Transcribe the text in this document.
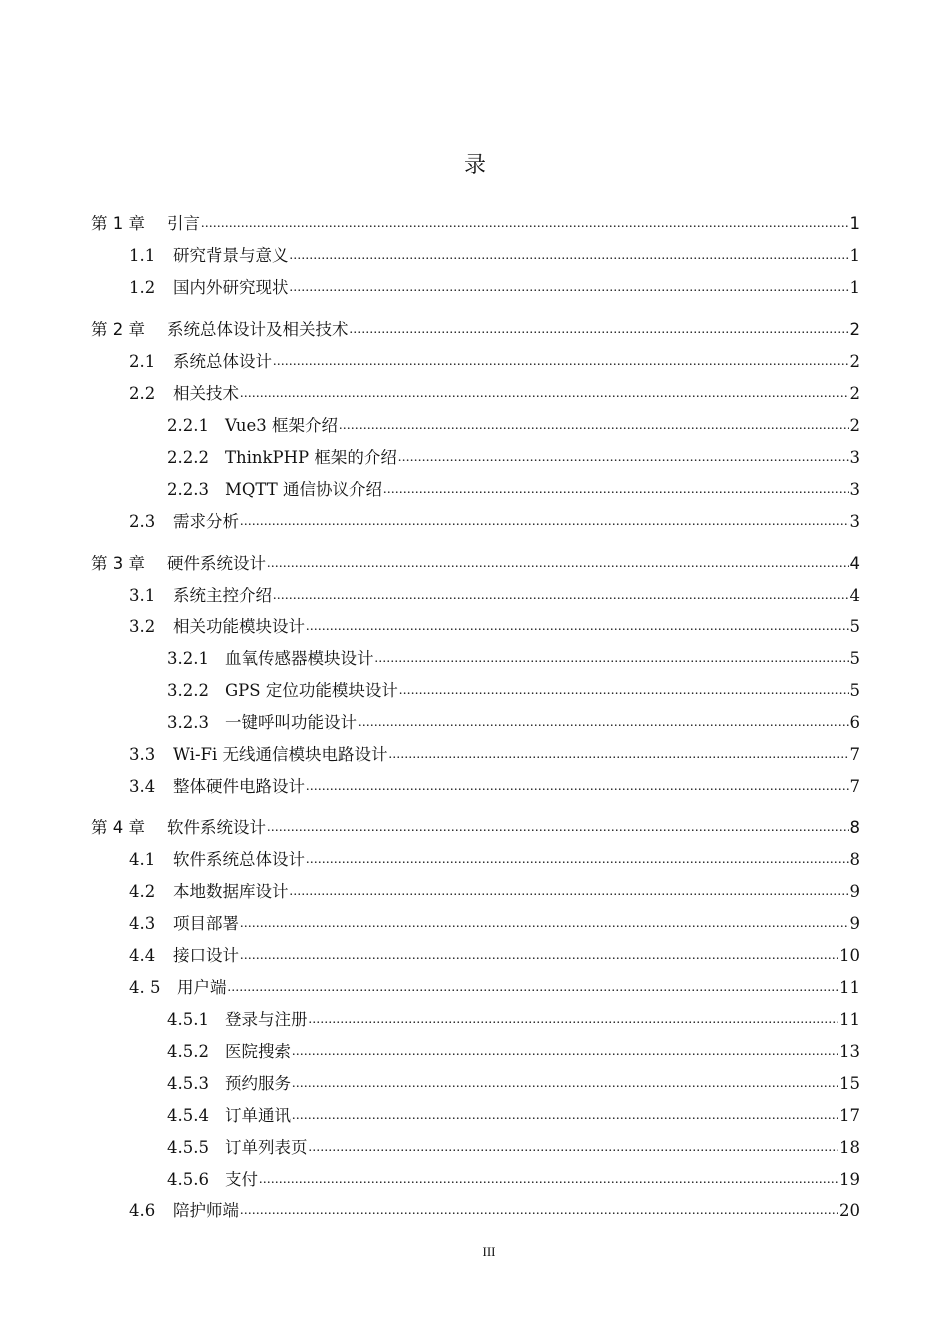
录
第 1 章	引言 .....	1
1.1	研究背景与意义 .....	1
1.2	国内外研究现状 .....	1
第 2 章	系统总体设计及相关技术 .....	2
2.1	系统总体设计 .....	2
2.2	相关技术 .....	2
2.2.1 Vue3 框架介绍 .....	2
2.2.2 ThinkPHP 框架的介绍 .....	3
2.2.3 MQTT 通信协议介绍 .....	3
2.3	需求分析 .....	3
第 3 章	硬件系统设计 .....	4
3.1	系统主控介绍 .....	4
3.2	相关功能模块设计 .....	5
3.2.1 血氧传感器模块设计 .....	5
3.2.2 GPS 定位功能模块设计 .....	5
3.2.3 一键呼叫功能设计 .....	6
3.3	Wi-Fi 无线通信模块电路设计 .....	7
3.4	整体硬件电路设计 .....	7
第 4 章	软件系统设计 .....	8
4.1	软件系统总体设计 .....	8
4.2	本地数据库设计 .....	9
4.3	项目部署 .....	9
4.4	接口设计 .....	10
4. 5	用户端 .....	11
4.5.1 登录与注册 .....	11
4.5.2 医院搜索 .....	13
4.5.3 预约服务 .....	15
4.5.4 订单通讯 .....	17
4.5.5 订单列表页 .....	18
4.5.6 支付 .....	19
4.6	陪护师端 .....	20
III
